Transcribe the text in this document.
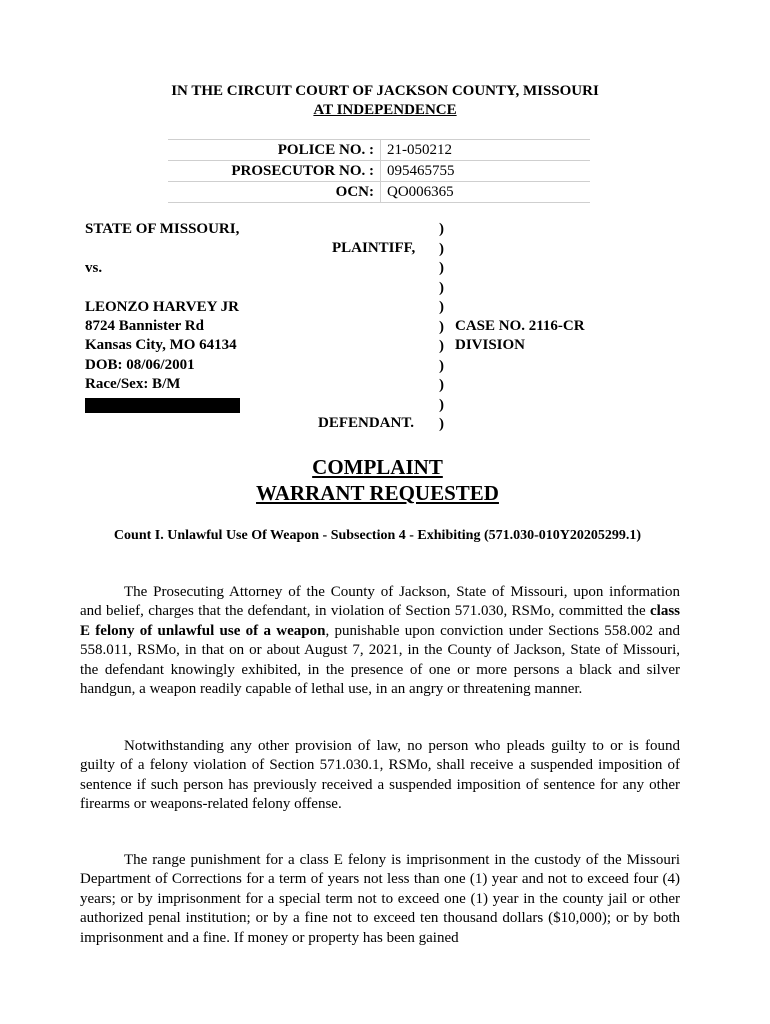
IN THE CIRCUIT COURT OF JACKSON COUNTY, MISSOURI
AT INDEPENDENCE
POLICE NO. : 21-050212
PROSECUTOR NO. : 095465755
OCN: QO006365
STATE OF MISSOURI,
PLAINTIFF,
vs.
LEONZO HARVEY JR
8724 Bannister Rd
Kansas City, MO 64134
DOB: 08/06/2001
Race/Sex: B/M
)
)
)
)
)
)
)
)
)
)
)
CASE NO. 2116-CR
DIVISION
DEFENDANT.
COMPLAINT
WARRANT REQUESTED
Count I. Unlawful Use Of Weapon - Subsection 4 - Exhibiting (571.030-010Y20205299.1)
The Prosecuting Attorney of the County of Jackson, State of Missouri, upon information and belief, charges that the defendant, in violation of Section 571.030, RSMo, committed the class E felony of unlawful use of a weapon, punishable upon conviction under Sections 558.002 and 558.011, RSMo, in that on or about August 7, 2021, in the County of Jackson, State of Missouri, the defendant knowingly exhibited, in the presence of one or more persons a black and silver handgun, a weapon readily capable of lethal use, in an angry or threatening manner.
Notwithstanding any other provision of law, no person who pleads guilty to or is found guilty of a felony violation of Section 571.030.1, RSMo, shall receive a suspended imposition of sentence if such person has previously received a suspended imposition of sentence for any other firearms or weapons-related felony offense.
The range punishment for a class E felony is imprisonment in the custody of the Missouri Department of Corrections for a term of years not less than one (1) year and not to exceed four (4) years; or by imprisonment for a special term not to exceed one (1) year in the county jail or other authorized penal institution; or by a fine not to exceed ten thousand dollars ($10,000); or by both imprisonment and a fine. If money or property has been gained
